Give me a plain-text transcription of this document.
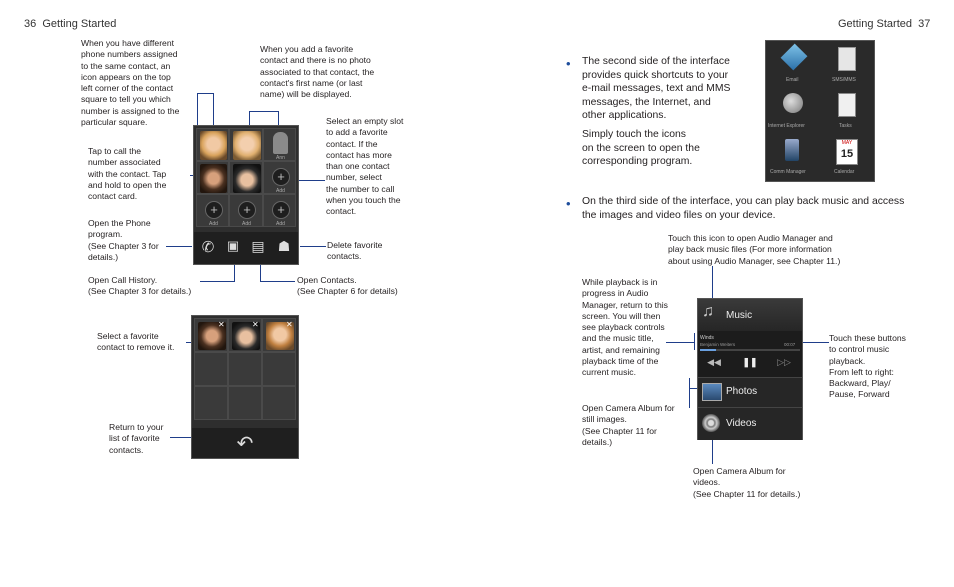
36 Getting Started	Getting Started 37
When you have different
phone numbers assigned
to the same contact, an
icon appears on the top
left corner of the contact
square to tell you which
number is assigned to the
particular square.
When you add a favorite
contact and there is no photo
associated to that contact, the
contact's first name (or last
name) will be displayed.
Tap to call the
number associated
with the contact. Tap
and hold to open the
contact card.
Select an empty slot
to add a favorite
contact. If the
contact has more
than one contact
number, select
the number to call
when you touch the
contact.
Open the Phone
program.
(See Chapter 3 for
details.)
Delete favorite
contacts.
Open Call History.
(See Chapter 3 for details.)
Open Contacts.
(See Chapter 6 for details)
Select a favorite
contact to remove it.
Return to your
list of favorite
contacts.
Ann
+
Add
+
Add
+
Add
+
Add
✆ ▣ ▤ ☗
✕	✕	✕
↶
• The second side of the interface
provides quick shortcuts to your
e-mail messages, text and MMS
messages, the Internet, and
other applications.
Simply touch the icons
on the screen to open the
corresponding program.
• On the third side of the interface, you can play back music and access
the images and video files on your device.
Email	SMS/MMS
Internet Explorer	Tasks
Comm Manager
MAY
15
Calendar
Touch this icon to open Audio Manager and
play back music files (For more information
about using Audio Manager, see Chapter 11.)
While playback is in
progress in Audio
Manager, return to this
screen. You will then
see playback controls
and the music title,
artist, and remaining
playback time of the
current music.
Touch these buttons
to control music
playback.
From left to right:
Backward, Play/
Pause, Forward
Open Camera Album for
still images.
(See Chapter 11 for
details.)
Open Camera Album for
videos.
(See Chapter 11 for details.)
♫	Music
Winds
Benjamin Weiters	00:07
◀◀	❚❚	▷▷
Photos
Videos
